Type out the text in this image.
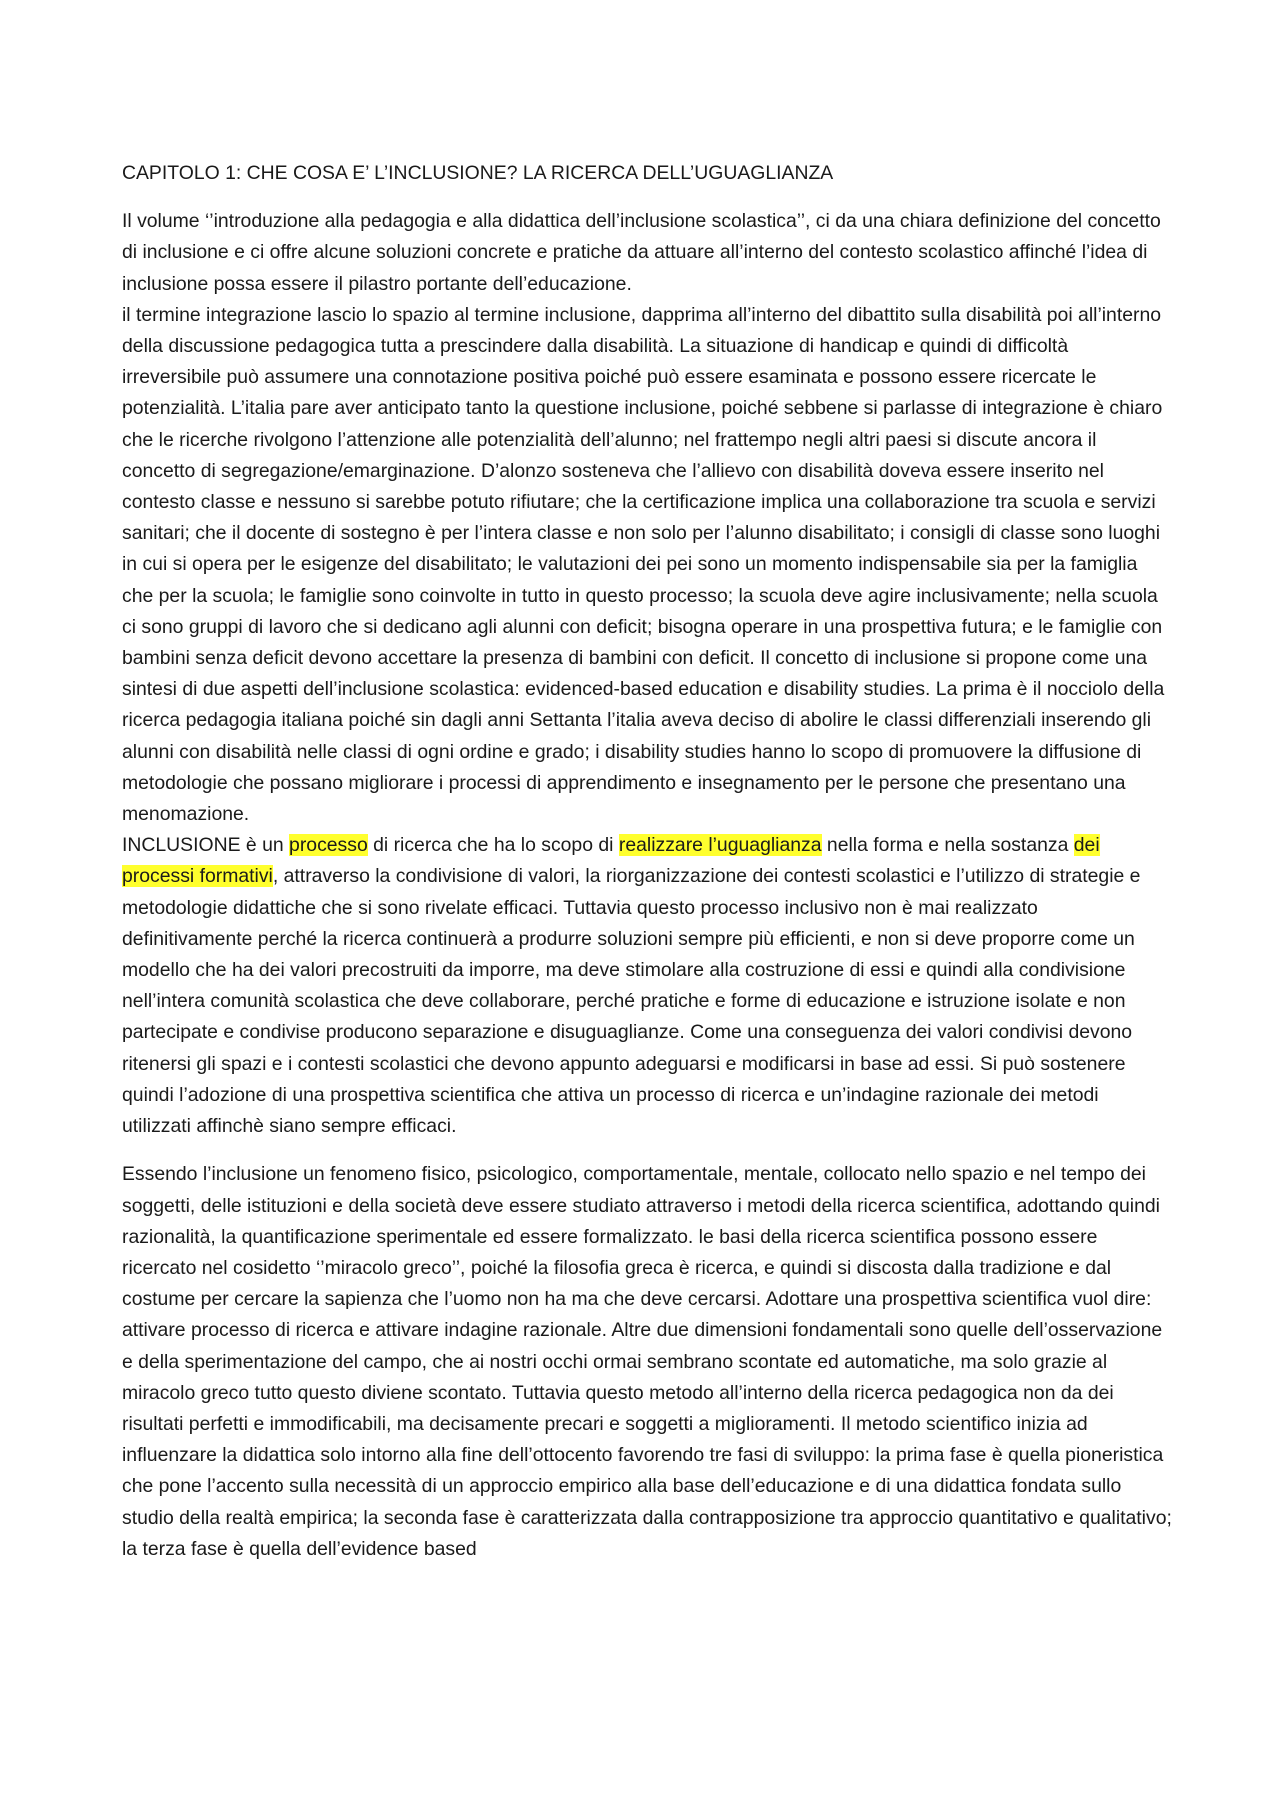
CAPITOLO 1: CHE COSA E’ L’INCLUSIONE? LA RICERCA DELL’UGUAGLIANZA

Il volume ‘’introduzione alla pedagogia e alla didattica dell’inclusione scolastica’’, ci da una chiara definizione del concetto di inclusione e ci offre alcune soluzioni concrete e pratiche da attuare all’interno del contesto scolastico affinché l’idea di inclusione possa essere il pilastro portante dell’educazione.

il termine integrazione lascio lo spazio al termine inclusione, dapprima all’interno del dibattito sulla disabilità poi all’interno della discussione pedagogica tutta a prescindere dalla disabilità. La situazione di handicap e quindi di difficoltà irreversibile può assumere una connotazione positiva poiché può essere esaminata e possono essere ricercate le potenzialità. L’italia pare aver anticipato tanto la questione inclusione, poiché sebbene si parlasse di integrazione è chiaro che le ricerche rivolgono l’attenzione alle potenzialità dell’alunno; nel frattempo negli altri paesi si discute ancora il concetto di segregazione/emarginazione. D’alonzo sosteneva che l’allievo con disabilità doveva essere inserito nel contesto classe e nessuno si sarebbe potuto rifiutare; che la certificazione implica una collaborazione tra scuola e servizi sanitari; che il docente di sostegno è per l’intera classe e non solo per l’alunno disabilitato; i consigli di classe sono luoghi in cui si opera per le esigenze del disabilitato; le valutazioni dei pei sono un momento indispensabile sia per la famiglia che per la scuola; le famiglie sono coinvolte in tutto in questo processo; la scuola deve agire inclusivamente; nella scuola ci sono gruppi di lavoro che si dedicano agli alunni con deficit; bisogna operare in una prospettiva futura; e le famiglie con bambini senza deficit devono accettare la presenza di bambini con deficit. Il concetto di inclusione si propone come una sintesi di due aspetti dell’inclusione scolastica: evidenced-based education e disability studies. La prima è il nocciolo della ricerca pedagogia italiana poiché sin dagli anni Settanta l’italia aveva deciso di abolire le classi differenziali inserendo gli alunni con disabilità nelle classi di ogni ordine e grado; i disability studies hanno lo scopo di promuovere la diffusione di metodologie che possano migliorare i processi di apprendimento e insegnamento per le persone che presentano una menomazione.

INCLUSIONE è un processo di ricerca che ha lo scopo di realizzare l’uguaglianza nella forma e nella sostanza dei processi formativi, attraverso la condivisione di valori, la riorganizzazione dei contesti scolastici e l’utilizzo di strategie e metodologie didattiche che si sono rivelate efficaci. Tuttavia questo processo inclusivo non è mai realizzato definitivamente perché la ricerca continuerà a produrre soluzioni sempre più efficienti, e non si deve proporre come un modello che ha dei valori precostruiti da imporre, ma deve stimolare alla costruzione di essi e quindi alla condivisione nell’intera comunità scolastica che deve collaborare, perché pratiche e forme di educazione e istruzione isolate e non partecipate e condivise producono separazione e disuguaglianze. Come una conseguenza dei valori condivisi devono ritenersi gli spazi e i contesti scolastici che devono appunto adeguarsi e modificarsi in base ad essi. Si può sostenere quindi l’adozione di una prospettiva scientifica che attiva un processo di ricerca e un’indagine razionale dei metodi utilizzati affinchè siano sempre efficaci.

Essendo l’inclusione un fenomeno fisico, psicologico, comportamentale, mentale, collocato nello spazio e nel tempo dei soggetti, delle istituzioni e della società deve essere studiato attraverso i metodi della ricerca scientifica, adottando quindi razionalità, la quantificazione sperimentale ed essere formalizzato. le basi della ricerca scientifica possono essere ricercato nel cosidetto ‘’miracolo greco’’, poiché la filosofia greca è ricerca, e quindi si discosta dalla tradizione e dal costume per cercare la sapienza che l’uomo non ha ma che deve cercarsi. Adottare una prospettiva scientifica vuol dire: attivare processo di ricerca e attivare indagine razionale. Altre due dimensioni fondamentali sono quelle dell’osservazione e della sperimentazione del campo, che ai nostri occhi ormai sembrano scontate ed automatiche, ma solo grazie al miracolo greco tutto questo diviene scontato. Tuttavia questo metodo all’interno della ricerca pedagogica non da dei risultati perfetti e immodificabili, ma decisamente precari e soggetti a miglioramenti. Il metodo scientifico inizia ad influenzare la didattica solo intorno alla fine dell’ottocento favorendo tre fasi di sviluppo: la prima fase è quella pioneristica che pone l’accento sulla necessità di un approccio empirico alla base dell’educazione e di una didattica fondata sullo studio della realtà empirica; la seconda fase è caratterizzata dalla contrapposizione tra approccio quantitativo e qualitativo; la terza fase è quella dell’evidence based
